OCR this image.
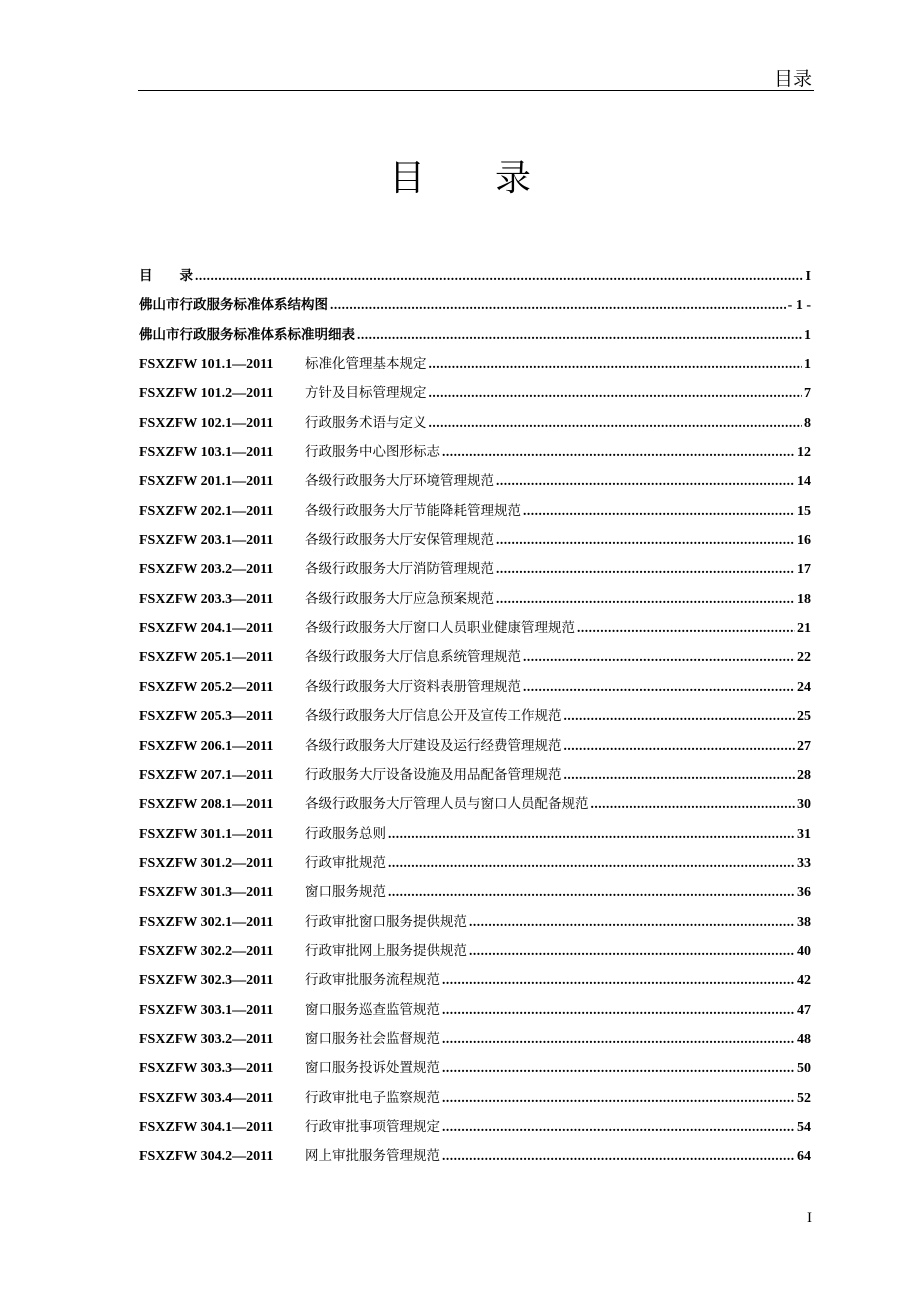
目录
目录
目　　录 .....	I
佛山市行政服务标准体系结构图 .....	- 1 -
佛山市行政服务标准体系标准明细表 .....	1
FSXZFW 101.1—2011	标准化管理基本规定 .....	1
FSXZFW 101.2—2011	方针及目标管理规定 .....	7
FSXZFW 102.1—2011	行政服务术语与定义 .....	8
FSXZFW 103.1—2011	行政服务中心图形标志 .....	12
FSXZFW 201.1—2011	各级行政服务大厅环境管理规范 .....	14
FSXZFW 202.1—2011	各级行政服务大厅节能降耗管理规范 .....	15
FSXZFW 203.1—2011	各级行政服务大厅安保管理规范 .....	16
FSXZFW 203.2—2011	各级行政服务大厅消防管理规范 .....	17
FSXZFW 203.3—2011	各级行政服务大厅应急预案规范 .....	18
FSXZFW 204.1—2011	各级行政服务大厅窗口人员职业健康管理规范 .....	21
FSXZFW 205.1—2011	各级行政服务大厅信息系统管理规范 .....	22
FSXZFW 205.2—2011	各级行政服务大厅资料表册管理规范 .....	24
FSXZFW 205.3—2011	各级行政服务大厅信息公开及宣传工作规范 .....	25
FSXZFW 206.1—2011	各级行政服务大厅建设及运行经费管理规范 .....	27
FSXZFW 207.1—2011	行政服务大厅设备设施及用品配备管理规范 .....	28
FSXZFW 208.1—2011	各级行政服务大厅管理人员与窗口人员配备规范 .....	30
FSXZFW 301.1—2011	行政服务总则 .....	31
FSXZFW 301.2—2011	行政审批规范 .....	33
FSXZFW 301.3—2011	窗口服务规范 .....	36
FSXZFW 302.1—2011	行政审批窗口服务提供规范 .....	38
FSXZFW 302.2—2011	行政审批网上服务提供规范 .....	40
FSXZFW 302.3—2011	行政审批服务流程规范 .....	42
FSXZFW 303.1—2011	窗口服务巡查监管规范 .....	47
FSXZFW 303.2—2011	窗口服务社会监督规范 .....	48
FSXZFW 303.3—2011	窗口服务投诉处置规范 .....	50
FSXZFW 303.4—2011	行政审批电子监察规范 .....	52
FSXZFW 304.1—2011	行政审批事项管理规定 .....	54
FSXZFW 304.2—2011	网上审批服务管理规范 .....	64
I
